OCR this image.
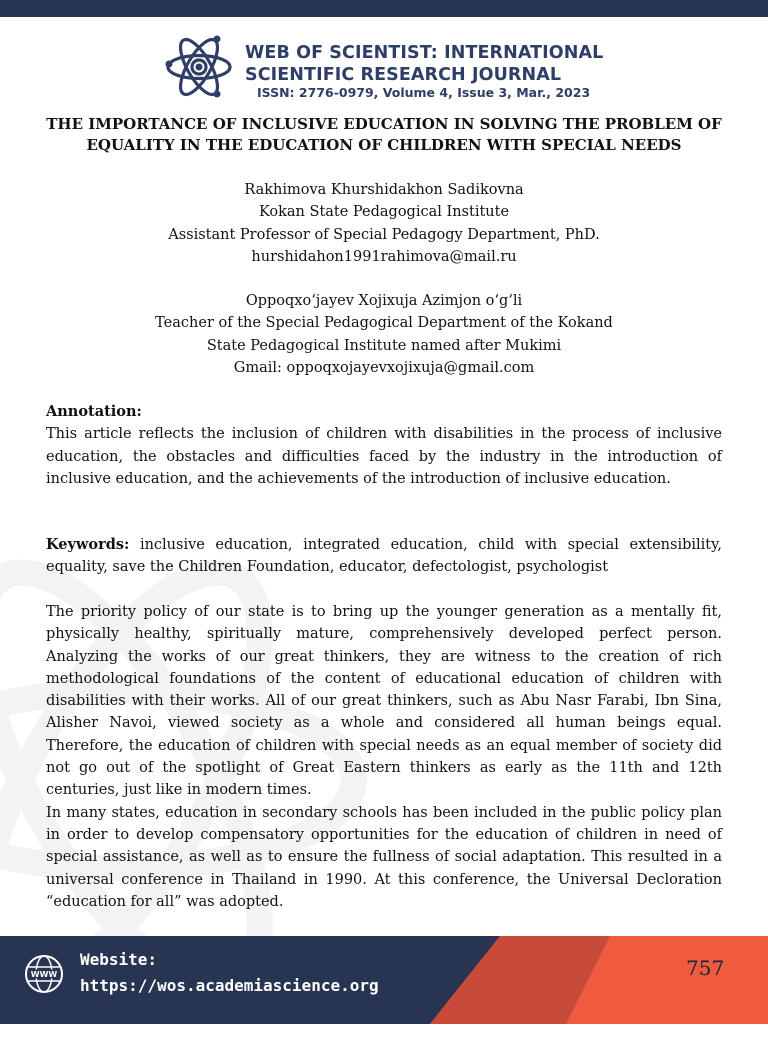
WEB OF SCIENTIST: INTERNATIONAL
SCIENTIFIC RESEARCH JOURNAL
ISSN: 2776-0979, Volume 4, Issue 3, Mar., 2023
THE IMPORTANCE OF INCLUSIVE EDUCATION IN SOLVING THE PROBLEM OF EQUALITY IN THE EDUCATION OF CHILDREN WITH SPECIAL NEEDS
Rakhimova Khurshidakhon Sadikovna
Kokan State Pedagogical Institute
Assistant Professor of Special Pedagogy Department, PhD.
hurshidahon1991rahimova@mail.ru
Oppoqxo‘jayev Xojixuja Azimjon o‘g‘li
Teacher of the Special Pedagogical Department of the Kokand
State Pedagogical Institute named after Mukimi
Gmail: oppoqxojayevxojixuja@gmail.com
Annotation:

This article reflects the inclusion of children with disabilities in the process of inclusive education, the obstacles and difficulties faced by the industry in the introduction of inclusive education, and the achievements of the introduction of inclusive education.

Keywords: inclusive education, integrated education, child with special extensibility, equality, save the Children Foundation, educator, defectologist, psychologist

The priority policy of our state is to bring up the younger generation as a mentally fit, physically healthy, spiritually mature, comprehensively developed perfect person. Analyzing the works of our great thinkers, they are witness to the creation of rich methodological foundations of the content of educational education of children with disabilities with their works. All of our great thinkers, such as Abu Nasr Farabi, Ibn Sina, Alisher Navoi, viewed society as a whole and considered all human beings equal. Therefore, the education of children with special needs as an equal member of society did not go out of the spotlight of Great Eastern thinkers as early as the 11th and 12th centuries, just like in modern times.

In many states, education in secondary schools has been included in the public policy plan in order to develop compensatory opportunities for the education of children in need of special assistance, as well as to ensure the fullness of social adaptation. This resulted in a universal conference in Thailand in 1990. At this conference, the Universal Decloration “education for all” was adopted.

WWW
Website:
https://wos.academiascience.org
757
